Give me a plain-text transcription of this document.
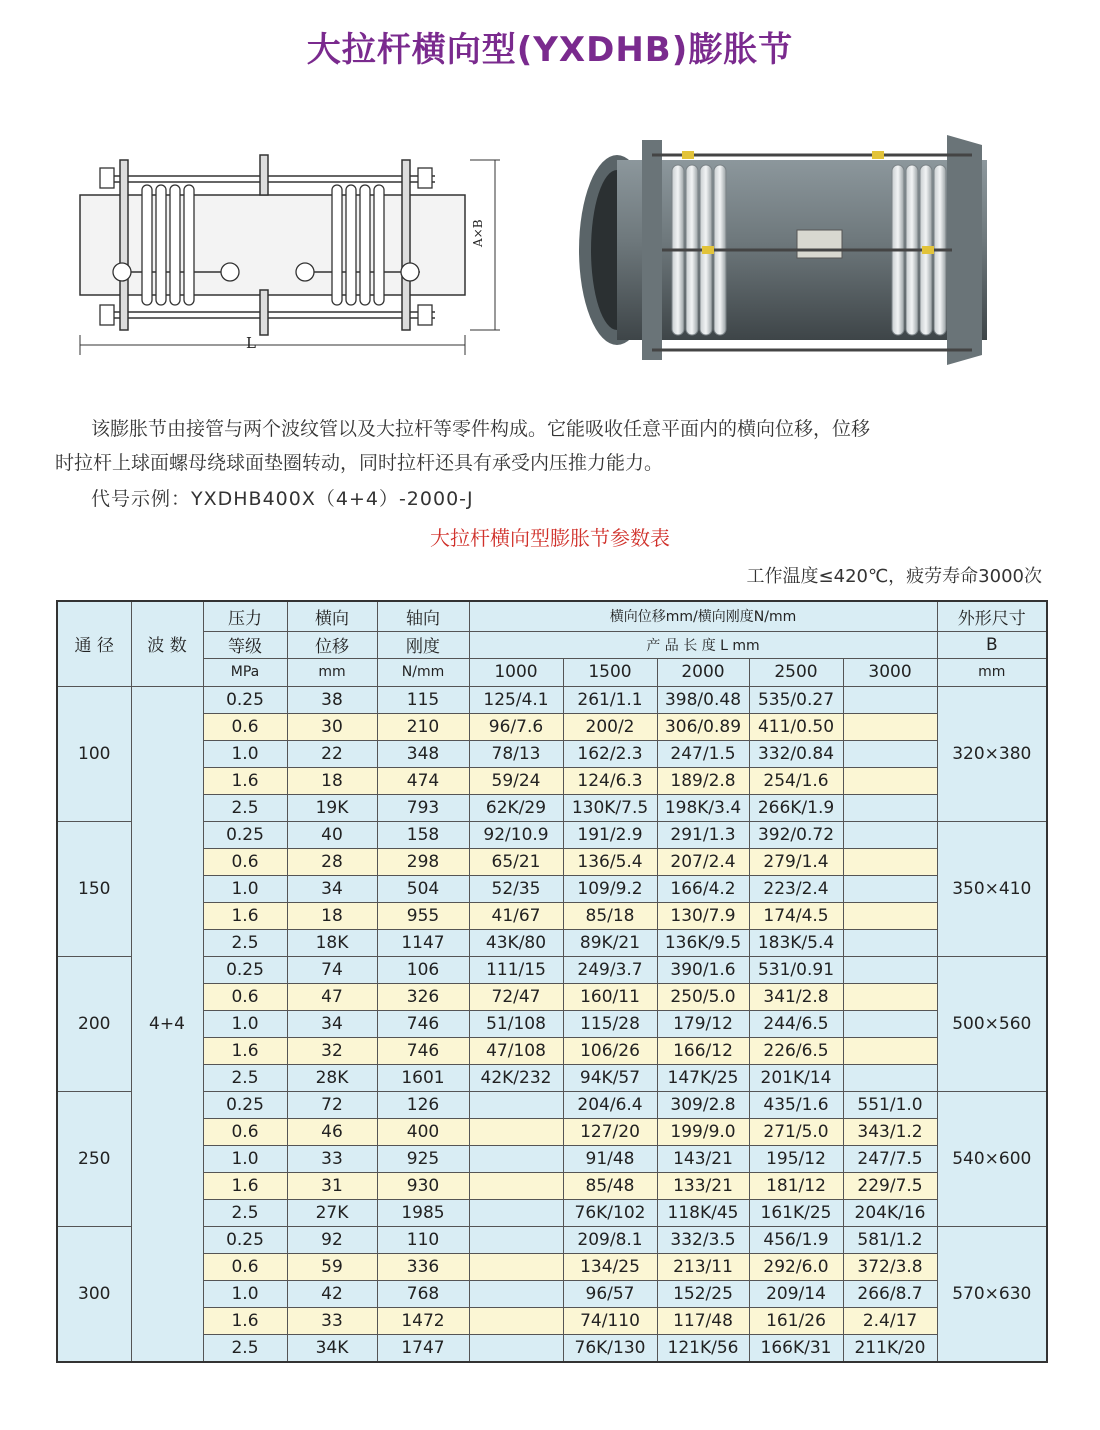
大拉杆横向型(YXDHB)膨胀节
L
A×B

该膨胀节由接管与两个波纹管以及大拉杆等零件构成。它能吸收任意平面内的横向位移，位移

时拉杆上球面螺母绕球面垫圈转动，同时拉杆还具有承受内压推力能力。

代号示例：YXDHB400X（4+4）-2000-J
大拉杆横向型膨胀节参数表
工作温度≤420℃，疲劳寿命3000次
通 径	波 数	压力	横向	轴向	横向位移mm/横向刚度N/mm					外形尺寸
		等级	位移	刚度	产 品 长 度 L mm					B
		MPa	mm	N/mm	1000	1500	2000	2500	3000	mm
100	4+4	0.25	38	115	125/4.1	261/1.1	398/0.48	535/0.27		320×380
		0.6	30	210	96/7.6	200/2	306/0.89	411/0.50		
		1.0	22	348	78/13	162/2.3	247/1.5	332/0.84		
		1.6	18	474	59/24	124/6.3	189/2.8	254/1.6		
		2.5	19K	793	62K/29	130K/7.5	198K/3.4	266K/1.9		
150		0.25	40	158	92/10.9	191/2.9	291/1.3	392/0.72		350×410
		0.6	28	298	65/21	136/5.4	207/2.4	279/1.4		
		1.0	34	504	52/35	109/9.2	166/4.2	223/2.4		
		1.6	18	955	41/67	85/18	130/7.9	174/4.5		
		2.5	18K	1147	43K/80	89K/21	136K/9.5	183K/5.4		
200		0.25	74	106	111/15	249/3.7	390/1.6	531/0.91		500×560
		0.6	47	326	72/47	160/11	250/5.0	341/2.8		
		1.0	34	746	51/108	115/28	179/12	244/6.5		
		1.6	32	746	47/108	106/26	166/12	226/6.5		
		2.5	28K	1601	42K/232	94K/57	147K/25	201K/14		
250		0.25	72	126		204/6.4	309/2.8	435/1.6	551/1.0	540×600
		0.6	46	400		127/20	199/9.0	271/5.0	343/1.2	
		1.0	33	925		91/48	143/21	195/12	247/7.5	
		1.6	31	930		85/48	133/21	181/12	229/7.5	
		2.5	27K	1985		76K/102	118K/45	161K/25	204K/16	
300		0.25	92	110		209/8.1	332/3.5	456/1.9	581/1.2	570×630
		0.6	59	336		134/25	213/11	292/6.0	372/3.8	
		1.0	42	768		96/57	152/25	209/14	266/8.7	
		1.6	33	1472		74/110	117/48	161/26	2.4/17	
		2.5	34K	1747		76K/130	121K/56	166K/31	211K/20	
